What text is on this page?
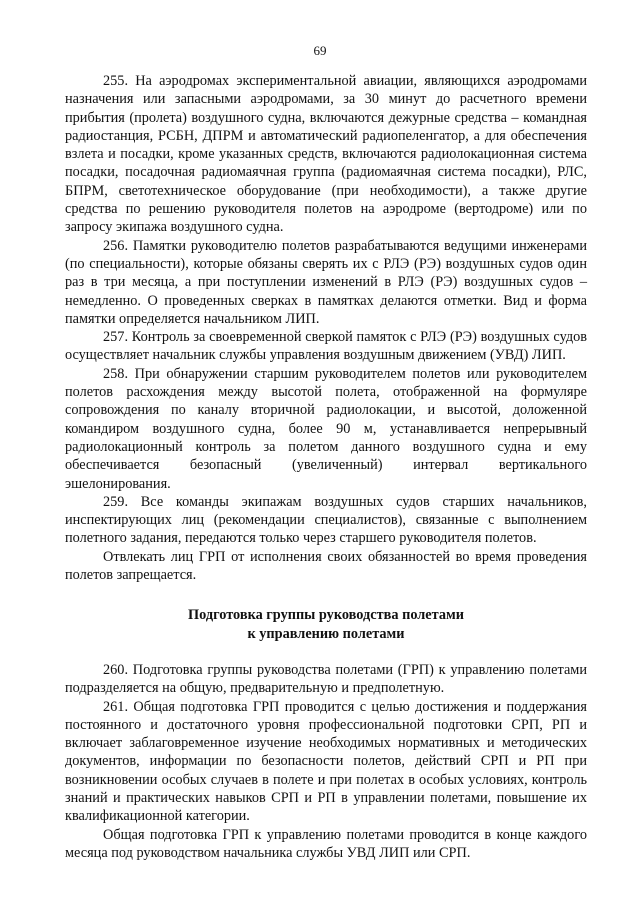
69

255. На аэродромах экспериментальной авиации, являющихся аэродромами назначения или запасными аэродромами, за 30 минут до расчетного времени прибытия (пролета) воздушного судна, включаются дежурные средства – командная радиостанция, РСБН, ДПРМ и автоматический радиопеленгатор, а для обеспечения взлета и посадки, кроме указанных средств, включаются радиолокационная система посадки, посадочная радиомаячная группа (радиомаячная система посадки), РЛС, БПРМ, светотехническое оборудование (при необходимости), а также другие средства по решению руководителя полетов на аэродроме (вертодроме) или по запросу экипажа воздушного судна.

256. Памятки руководителю полетов разрабатываются ведущими инженерами (по специальности), которые обязаны сверять их с РЛЭ (РЭ) воздушных судов один раз в три месяца, а при поступлении изменений в РЛЭ (РЭ) воздушных судов – немедленно. О проведенных сверках в памятках делаются отметки. Вид и форма памятки определяется начальником ЛИП.

257. Контроль за своевременной сверкой памяток с РЛЭ (РЭ) воздушных судов осуществляет начальник службы управления воздушным движением (УВД) ЛИП.

258. При обнаружении старшим руководителем полетов или руководителем полетов расхождения между высотой полета, отображенной на формуляре сопровождения по каналу вторичной радиолокации, и высотой, доложенной командиром воздушного судна, более 90 м, устанавливается непрерывный радиолокационный контроль за полетом данного воздушного судна и ему обеспечивается безопасный (увеличенный) интервал вертикального эшелонирования.

259. Все команды экипажам воздушных судов старших начальников, инспектирующих лиц (рекомендации специалистов), связанные с выполнением полетного задания, передаются только через старшего руководителя полетов.

Отвлекать лиц ГРП от исполнения своих обязанностей во время проведения полетов запрещается.

Подготовка группы руководства полетами
к управлению полетами

260. Подготовка группы руководства полетами (ГРП) к управлению полетами подразделяется на общую, предварительную и предполетную.

261. Общая подготовка ГРП проводится с целью достижения и поддержания постоянного и достаточного уровня профессиональной подготовки СРП, РП и включает заблаговременное изучение необходимых нормативных и методических документов, информации по безопасности полетов, действий СРП и РП при возникновении особых случаев в полете и при полетах в особых условиях, контроль знаний и практических навыков СРП и РП в управлении полетами, повышение их квалификационной категории.

Общая подготовка ГРП к управлению полетами проводится в конце каждого месяца под руководством начальника службы УВД ЛИП или СРП.
